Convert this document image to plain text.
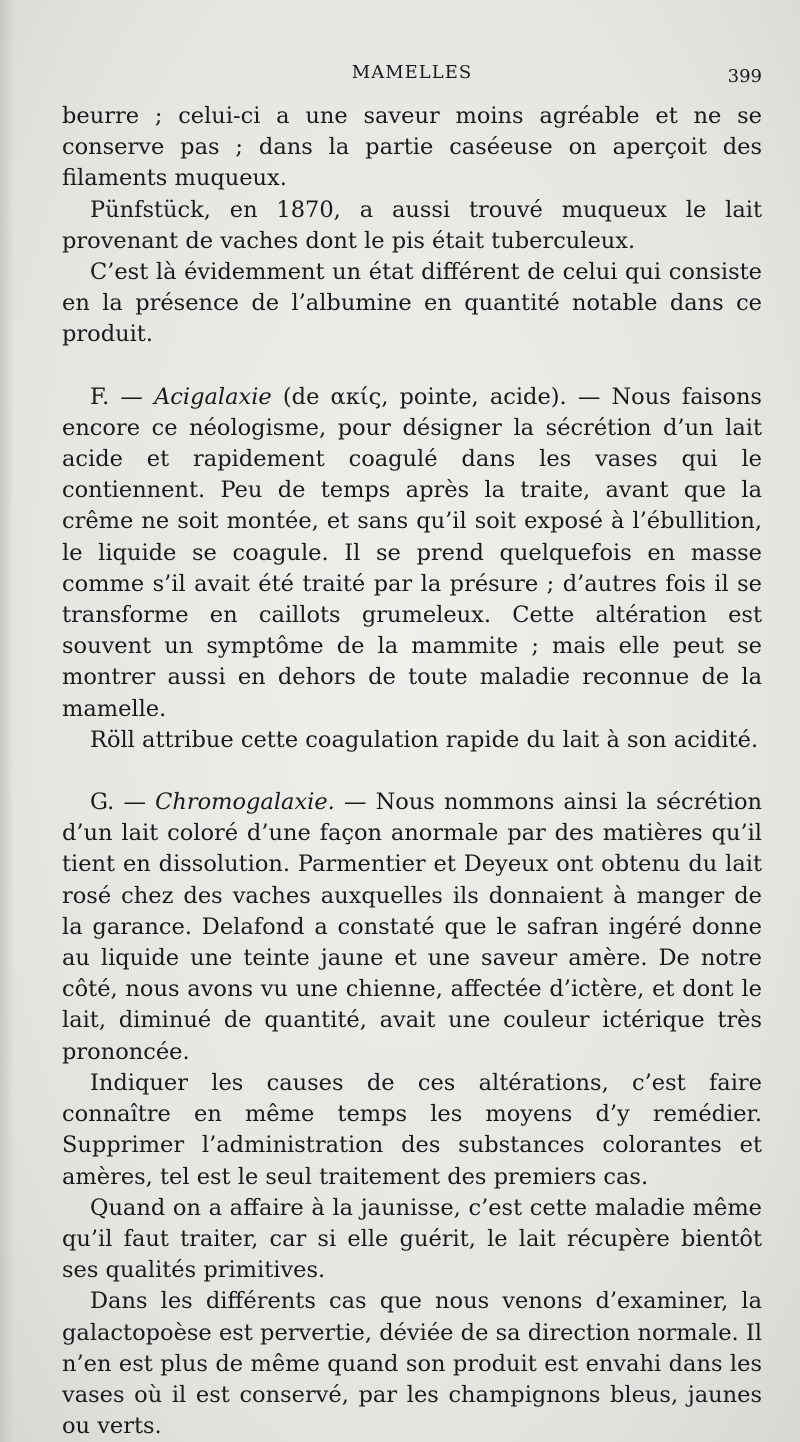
MAMELLES	399

beurre ; celui-ci a une saveur moins agréable et ne se conserve pas ; dans la partie caséeuse on aperçoit des filaments muqueux.

Pünfstück, en 1870, a aussi trouvé muqueux le lait provenant de vaches dont le pis était tuberculeux.

C’est là évidemment un état différent de celui qui consiste en la présence de l’albumine en quantité notable dans ce produit.

F. — Acigalaxie (de ακίς, pointe, acide). — Nous faisons encore ce néologisme, pour désigner la sécrétion d’un lait acide et rapidement coagulé dans les vases qui le contiennent. Peu de temps après la traite, avant que la crême ne soit montée, et sans qu’il soit exposé à l’ébullition, le liquide se coagule. Il se prend quelquefois en masse comme s’il avait été traité par la présure ; d’autres fois il se transforme en caillots grumeleux. Cette altération est souvent un symptôme de la mammite ; mais elle peut se montrer aussi en dehors de toute maladie reconnue de la mamelle.

Röll attribue cette coagulation rapide du lait à son acidité.

G. — Chromogalaxie. — Nous nommons ainsi la sécrétion d’un lait coloré d’une façon anormale par des matières qu’il tient en dissolution. Parmentier et Deyeux ont obtenu du lait rosé chez des vaches auxquelles ils donnaient à manger de la garance. Delafond a constaté que le safran ingéré donne au liquide une teinte jaune et une saveur amère. De notre côté, nous avons vu une chienne, affectée d’ictère, et dont le lait, diminué de quantité, avait une couleur ictérique très prononcée.

Indiquer les causes de ces altérations, c’est faire connaître en même temps les moyens d’y remédier. Supprimer l’administration des substances colorantes et amères, tel est le seul traitement des premiers cas.

Quand on a affaire à la jaunisse, c’est cette maladie même qu’il faut traiter, car si elle guérit, le lait récupère bientôt ses qualités primitives.

Dans les différents cas que nous venons d’examiner, la galactopoèse est pervertie, déviée de sa direction normale. Il n’en est plus de même quand son produit est envahi dans les vases où il est conservé, par les champignons bleus, jaunes ou verts.
